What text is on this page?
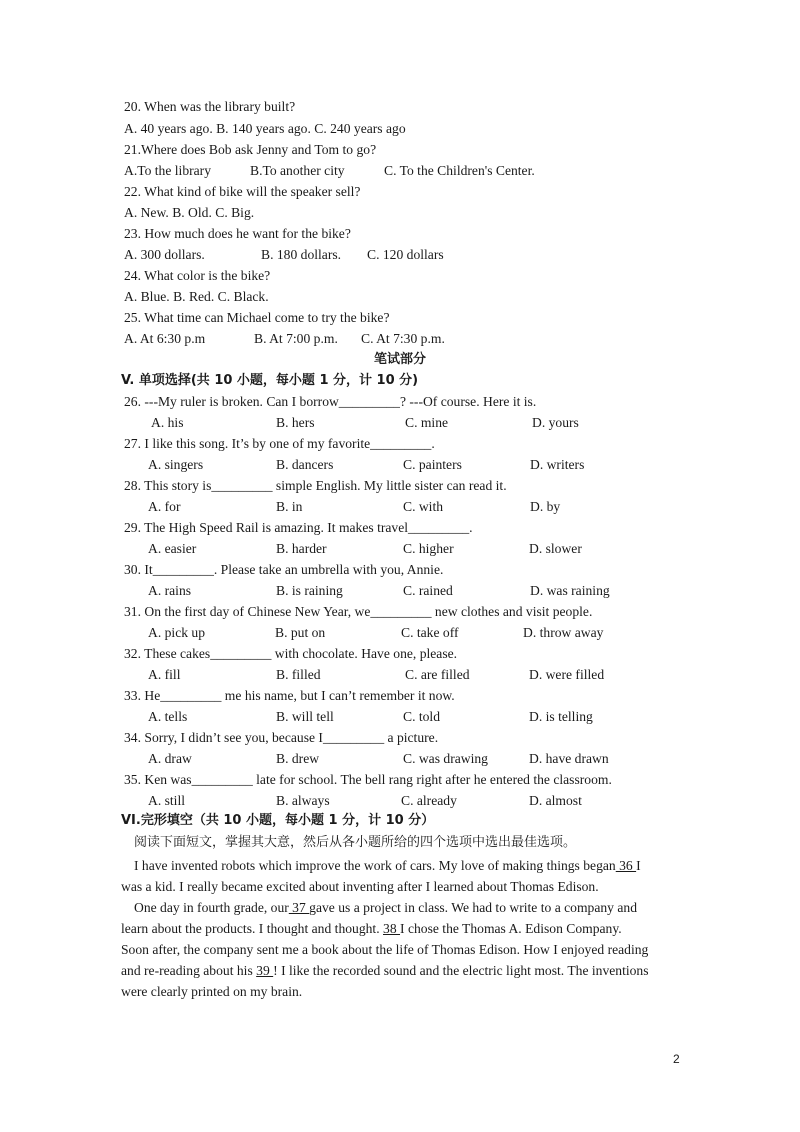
20. When was the library built?
A. 40 years ago. B. 140 years ago. C. 240 years ago
21.Where does Bob ask Jenny and Tom to go?
A.To the library	B.To another city	C. To the Children's Center.
22. What kind of bike will the speaker sell?
A. New. B. Old. C. Big.
23. How much does he want for the bike?
A. 300 dollars.	B. 180 dollars. C. 120 dollars
24. What color is the bike?
A. Blue. B. Red. C. Black.
25. What time can Michael come to try the bike?
A. At 6:30 p.m	B. At 7:00 p.m. C. At 7:30 p.m.
笔试部分
V. 单项选择(共 10 小题，每小题 1 分，计 10 分)
26. ---My ruler is broken. Can I borrow_________? ---Of course. Here it is.
A. his	B. hers	C. mine	D. yours
27. I like this song. It’s by one of my favorite_________.
A. singers	B. dancers	C. painters	D. writers
28. This story is_________ simple English. My little sister can read it.
A. for	B. in	C. with	D. by
29. The High Speed Rail is amazing. It makes travel_________.
A. easier	B. harder	C. higher	D. slower
30. It_________. Please take an umbrella with you, Annie.
A. rains	B. is raining	C. rained	D. was raining
31. On the first day of Chinese New Year, we_________ new clothes and visit people.
A. pick up	B. put on	C. take off	D. throw away
32. These cakes_________ with chocolate. Have one, please.
A. fill	B. filled	C. are filled	D. were filled
33. He_________ me his name, but I can’t remember it now.
A. tells	B. will tell	C. told	D. is telling
34. Sorry, I didn’t see you, because I_________ a picture.
A. draw	B. drew	C. was drawing	D. have drawn
35. Ken was_________ late for school. The bell rang right after he entered the classroom.
A. still	B. always	C. already	D. almost
VI.完形填空（共 10 小题，每小题 1 分，计 10 分）
阅读下面短文，掌握其大意，然后从各小题所给的四个选项中选出最佳选项。
I have invented robots which improve the work of cars. My love of making things began 36 I
was a kid. I really became excited about inventing after I learned about Thomas Edison.
One day in fourth grade, our 37 gave us a project in class. We had to write to a company and
learn about the products. I thought and thought. 38 I chose the Thomas A. Edison Company.
Soon after, the company sent me a book about the life of Thomas Edison. How I enjoyed reading
and re-reading about his 39 ! I like the recorded sound and the electric light most. The inventions
were clearly printed on my brain.
2
